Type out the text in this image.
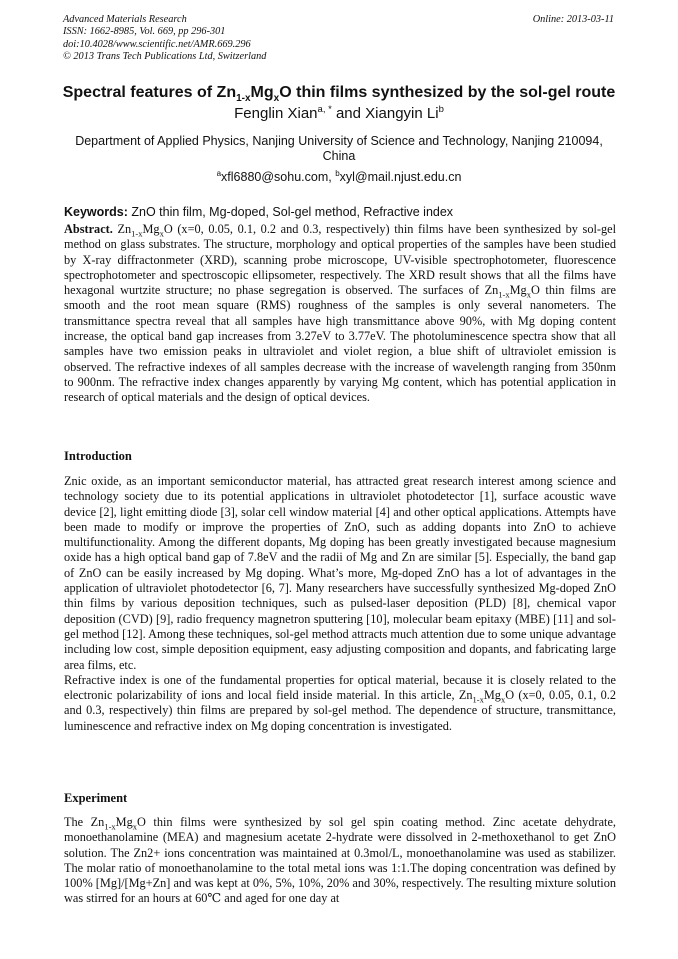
Advanced Materials Research
ISSN: 1662-8985, Vol. 669, pp 296-301
doi:10.4028/www.scientific.net/AMR.669.296
© 2013 Trans Tech Publications Ltd, Switzerland
Online: 2013-03-11
Spectral features of $Zn_{1-x}Mg_xO$ thin films synthesized by the sol-gel route
Fenglin Xian$^{a, *}$ and Xiangyin Li$^b$
Department of Applied Physics, Nanjing University of Science and Technology, Nanjing 210094, China
$^a$xfl6880@sohu.com, $^b$xyl@mail.njust.edu.cn
Keywords: ZnO thin film, Mg-doped, Sol-gel method, Refractive index

Abstract. $Zn_{1-x}Mg_xO$ (x=0, 0.05, 0.1, 0.2 and 0.3, respectively) thin films have been synthesized by sol-gel method on glass substrates. The structure, morphology and optical properties of the samples have been studied by X-ray diffractonmeter (XRD), scanning probe microscope, UV-visible spectrophotometer, fluorescence spectrophotometer and spectroscopic ellipsometer, respectively. The XRD result shows that all the films have hexagonal wurtzite structure; no phase segregation is observed. The surfaces of $Zn_{1-x}Mg_xO$ thin films are smooth and the root mean square (RMS) roughness of the samples is only several nanometers. The transmittance spectra reveal that all samples have high transmittance above 90%, with Mg doping content increase, the optical band gap increases from 3.27eV to 3.77eV. The photoluminescence spectra show that all samples have two emission peaks in ultraviolet and violet region, a blue shift of ultraviolet emission is observed. The refractive indexes of all samples decrease with the increase of wavelength ranging from 350nm to 900nm. The refractive index changes apparently by varying Mg content, which has potential application in research of optical materials and the design of optical devices.

Introduction

Znic oxide, as an important semiconductor material, has attracted great research interest among science and technology society due to its potential applications in ultraviolet photodetector [1], surface acoustic wave device [2], light emitting diode [3], solar cell window material [4] and other optical applications. Attempts have been made to modify or improve the properties of ZnO, such as adding dopants into ZnO to achieve multifunctionality. Among the different dopants, Mg doping has been greatly investigated because magnesium oxide has a high optical band gap of 7.8eV and the radii of Mg and Zn are similar [5]. Especially, the band gap of ZnO can be easily increased by Mg doping. What’s more, Mg-doped ZnO has a lot of advantages in the application of ultraviolet photodetector [6, 7]. Many researchers have successfully synthesized Mg-doped ZnO thin films by various deposition techniques, such as pulsed-laser deposition (PLD) [8], chemical vapor deposition (CVD) [9], radio frequency magnetron sputtering [10], molecular beam epitaxy (MBE) [11] and sol-gel method [12]. Among these techniques, sol-gel method attracts much attention due to some unique advantage including low cost, simple deposition equipment, easy adjusting composition and dopants, and fabricating large area films, etc.

Refractive index is one of the fundamental properties for optical material, because it is closely related to the electronic polarizability of ions and local field inside material. In this article, $Zn_{1-x}Mg_xO$ (x=0, 0.05, 0.1, 0.2 and 0.3, respectively) thin films are prepared by sol-gel method. The dependence of structure, transmittance, luminescence and refractive index on Mg doping concentration is investigated.

Experiment

The $Zn_{1-x}Mg_xO$ thin films were synthesized by sol gel spin coating method. Zinc acetate dehydrate, monoethanolamine (MEA) and magnesium acetate 2-hydrate were dissolved in 2-methoxethanol to get ZnO solution. The Zn2+ ions concentration was maintained at 0.3mol/L, monoethanolamine was used as stabilizer. The molar ratio of monoethanolamine to the total metal ions was 1:1.The doping concentration was defined by 100% [Mg]/[Mg+Zn] and was kept at 0%, 5%, 10%, 20% and 30%, respectively. The resulting mixture solution was stirred for an hours at 60℃ and aged for one day at
